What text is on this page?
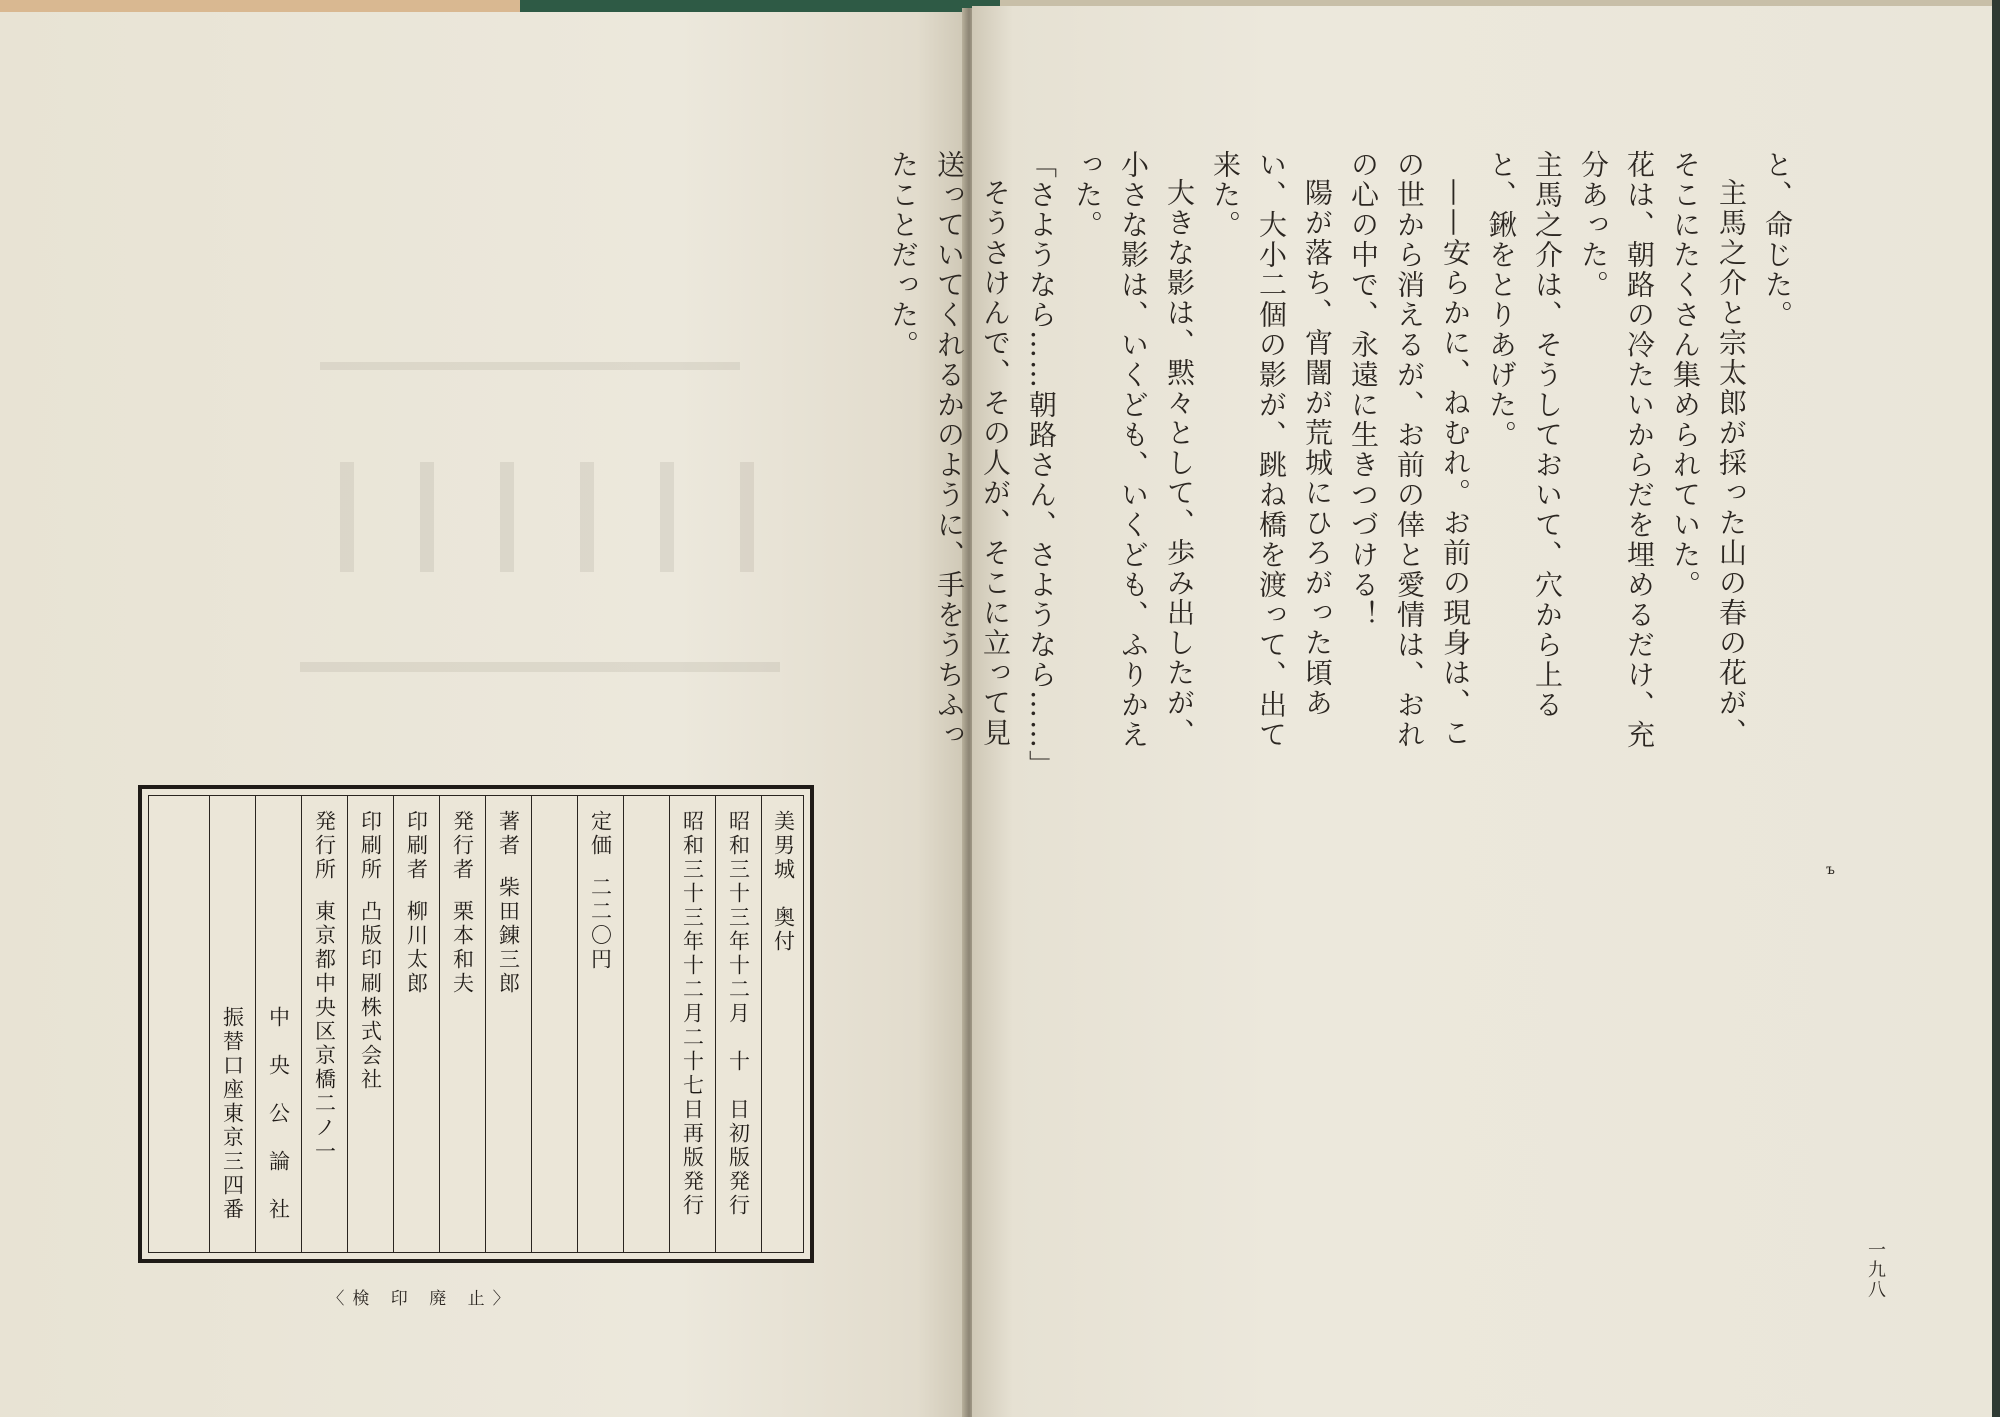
美男城　奥付
昭和三十三年十二月　十　日初版発行
昭和三十三年十二月二十七日再版発行
定価二二〇円
著者柴田錬三郎
発行者栗本和夫
印刷者柳川太郎
印刷所凸版印刷株式会社
発行所東京都中央区京橋二ノ一
中　央　公　論　社
振替口座東京三四番
〈検 印 廃 止〉

と、命じた。

主馬之介と宗太郎が採った山の春の花が、そこにたくさん集められていた。

花は、朝路の冷たいからだを埋めるだけ、充分あった。

主馬之介は、そうしておいて、穴から上ると、鍬をとりあげた。

——安らかに、ねむれ。お前の現身は、この世から消えるが、お前の倖と愛情は、おれの心の中で、永遠に生きつづける！

陽が落ち、宵闇が荒城にひろがった頃あい、大小二個の影が、跳ね橋を渡って、出て来た。

大きな影は、黙々として、歩み出したが、小さな影は、いくども、いくども、ふりかえった。

「さようなら……朝路さん、さようなら……」

そうさけんで、その人が、そこに立って見送っていてくれるかのように、手をうちふったことだった。

ъ
一九八
